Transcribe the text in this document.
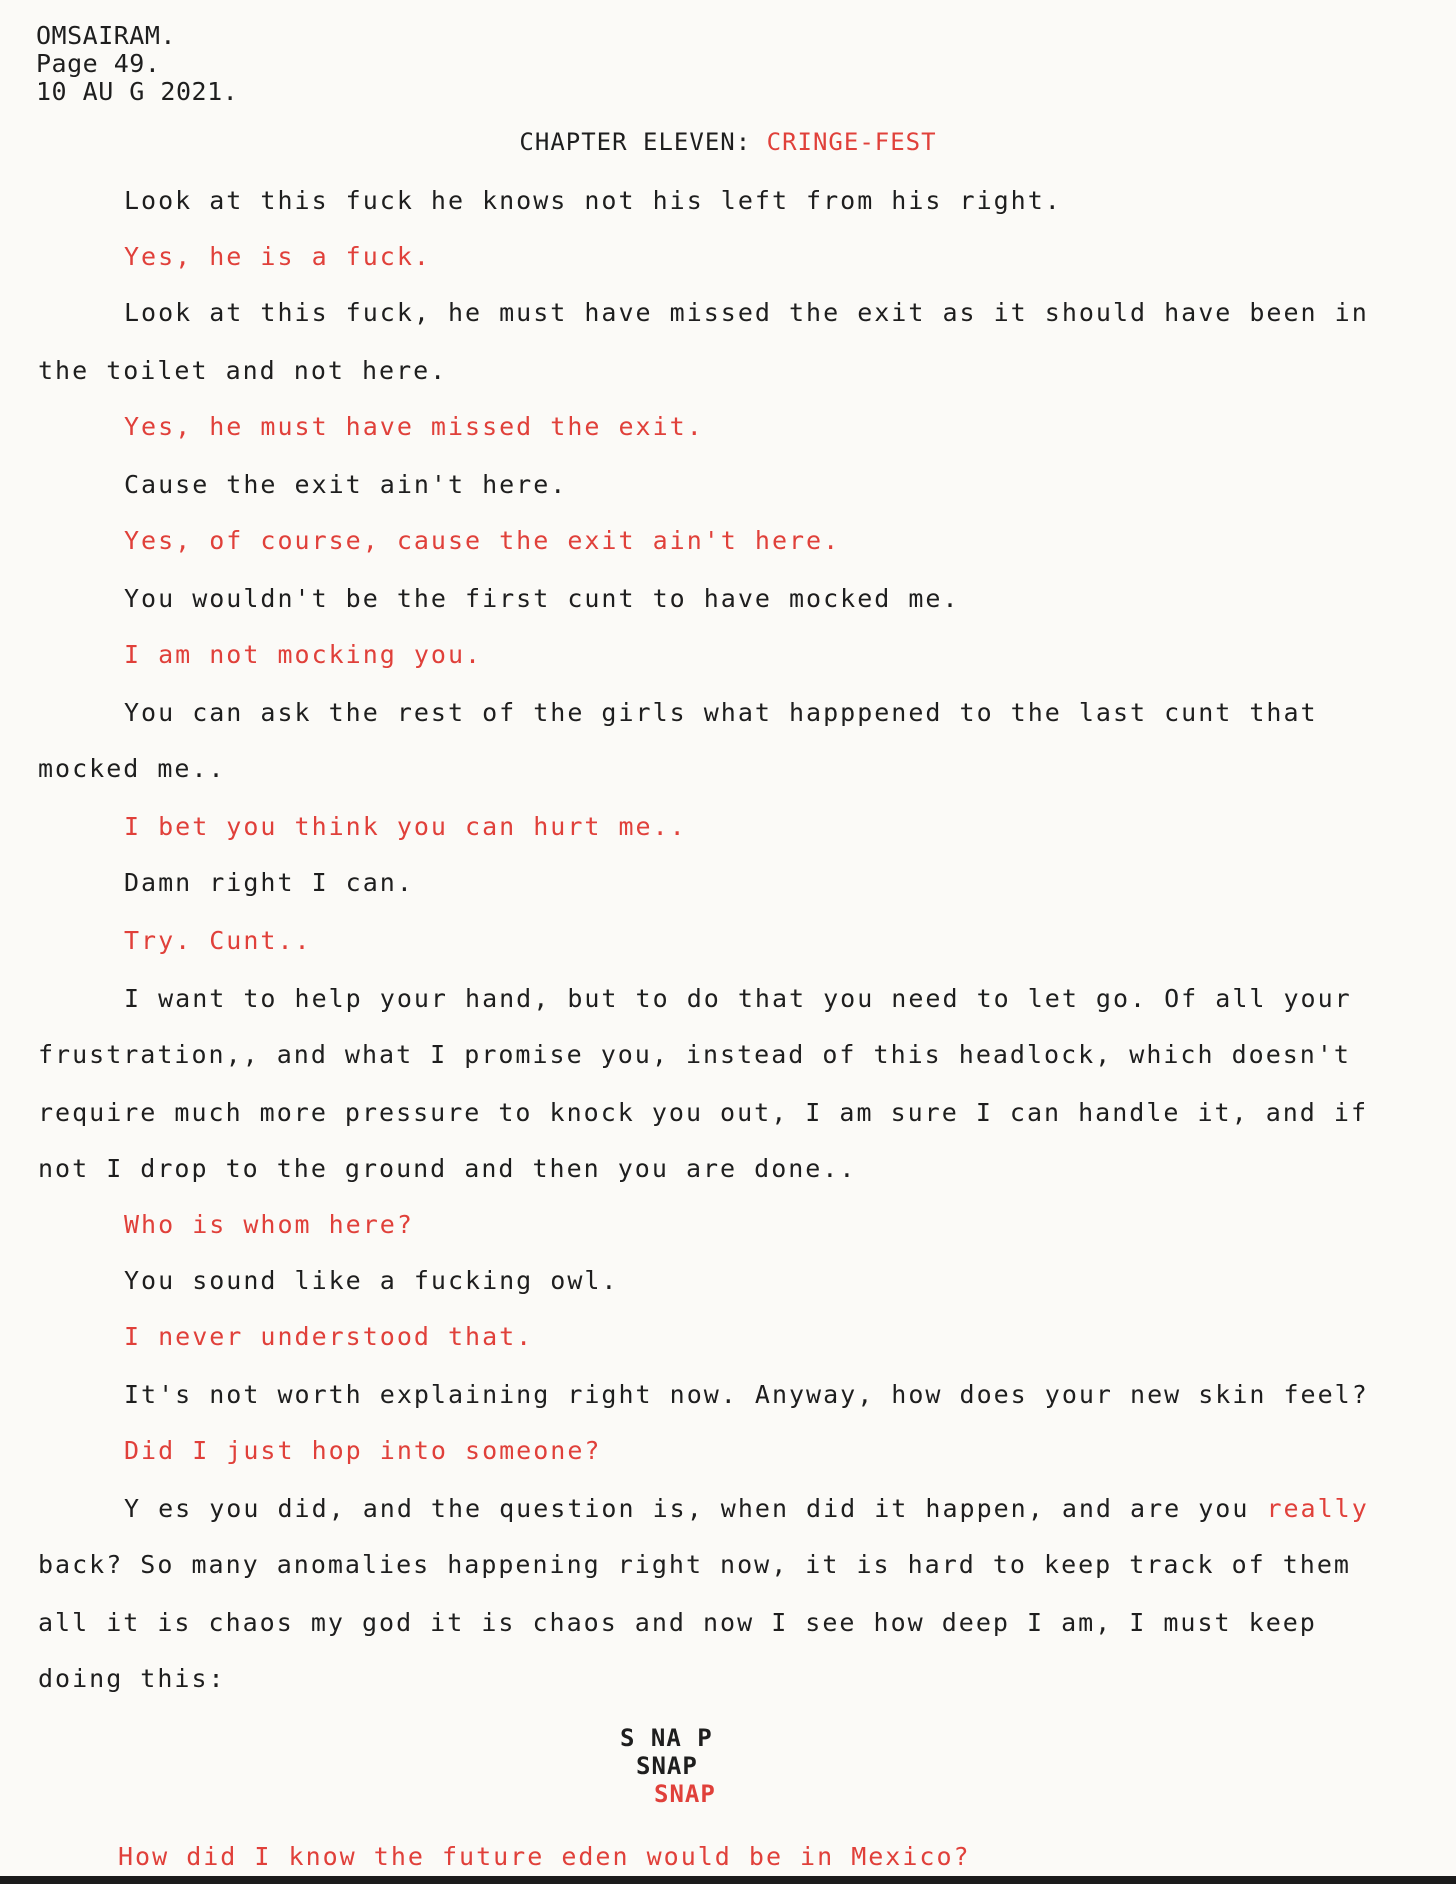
OMSAIRAM.
Page 49.
10 AU G 2021.
CHAPTER ELEVEN: CRINGE-FEST
Look at this fuck he knows not his left from his right.
Yes, he is a fuck.
Look at this fuck, he must have missed the exit as it should have been in
the toilet and not here.
Yes, he must have missed the exit.
Cause the exit ain't here.
Yes, of course, cause the exit ain't here.
You wouldn't be the first cunt to have mocked me.
I am not mocking you.
You can ask the rest of the girls what happpened to the last cunt that
mocked me..
I bet you think you can hurt me..
Damn right I can.
Try. Cunt..
I want to help your hand, but to do that you need to let go. Of all your
frustration,, and what I promise you, instead of this headlock, which doesn't
require much more pressure to knock you out, I am sure I can handle it, and if
not I drop to the ground and then you are done..
Who is whom here?
You sound like a fucking owl.
I never understood that.
It's not worth explaining right now. Anyway, how does your new skin feel?
Did I just hop into someone?
Y es you did, and the question is, when did it happen, and are you really
back? So many anomalies happening right now, it is hard to keep track of them
all it is chaos my god it is chaos and now I see how deep I am, I must keep
doing this:
S NA P
SNAP
SNAP
How did I know the future eden would be in Mexico?
